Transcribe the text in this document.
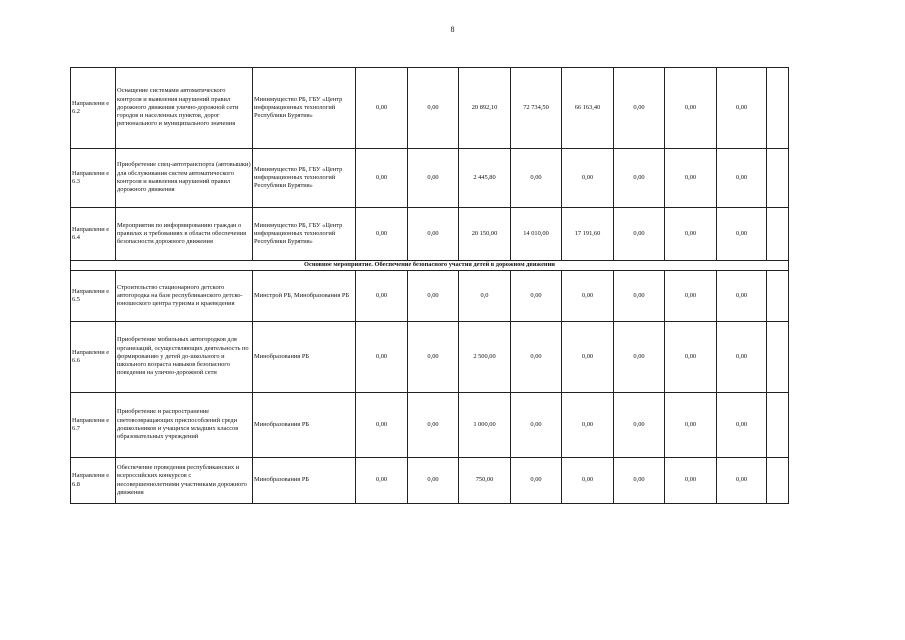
8
Направлени е 6.2	Оснащение системами автоматического контроля и выявления нарушений правил дорожного движения улично-дорожной сети городов и населенных пунктов, дорог регионального и муниципального значения	Минимущество РБ, ГБУ «Центр информационных технологий Республики Бурятия»	0,00	0,00	20 892,10	72 734,50	66 163,40	0,00	0,00	0,00	
Направлени е 6.3	Приобретение спец-автотранспорта (автовышки) для обслуживания систем автоматического контроля и выявления нарушений правил дорожного движения	Минимущество РБ, ГБУ «Центр информационных технологий Республики Бурятия»	0,00	0,00	2 445,80	0,00	0,00	0,00	0,00	0,00	
Направлени е 6.4	Мероприятия по информированию граждан о правилах и требованиях в области обеспечения безопасности дорожного движения	Минимущество РБ, ГБУ «Центр информационных технологий Республики Бурятия»	0,00	0,00	20 150,00	14 010,00	17 191,60	0,00	0,00	0,00	
Основное мероприятие. Обеспечение безопасного участия детей в дорожном движении											
Направлени е 6.5	Строительство стационарного детского автогородка на базе республиканского детско-юношеского центра туризма и краеведения	Минстрой РБ, Минобразования РБ	0,00	0,00	0,0	0,00	0,00	0,00	0,00	0,00	
Направлени е 6.6	Приобретение мобильных автогородков для организаций, осуществляющих деятельность по формированию у детей до-школьного и школьного возраста навыков безопасного поведения на улично-дорожной сети	Минобразования РБ	0,00	0,00	2 500,00	0,00	0,00	0,00	0,00	0,00	
Направлени е 6.7	Приобретение и распространение световозвращающих приспособлений среди дошкольников и учащихся младших классов образовательных учреждений	Минобразования РБ	0,00	0,00	1 000,00	0,00	0,00	0,00	0,00	0,00	
Направлени е 6.8	Обеспечение проведения республиканских и всероссийских конкурсов с несовершеннолетними участниками дорожного движения	Минобразования РБ	0,00	0,00	750,00	0,00	0,00	0,00	0,00	0,00	
